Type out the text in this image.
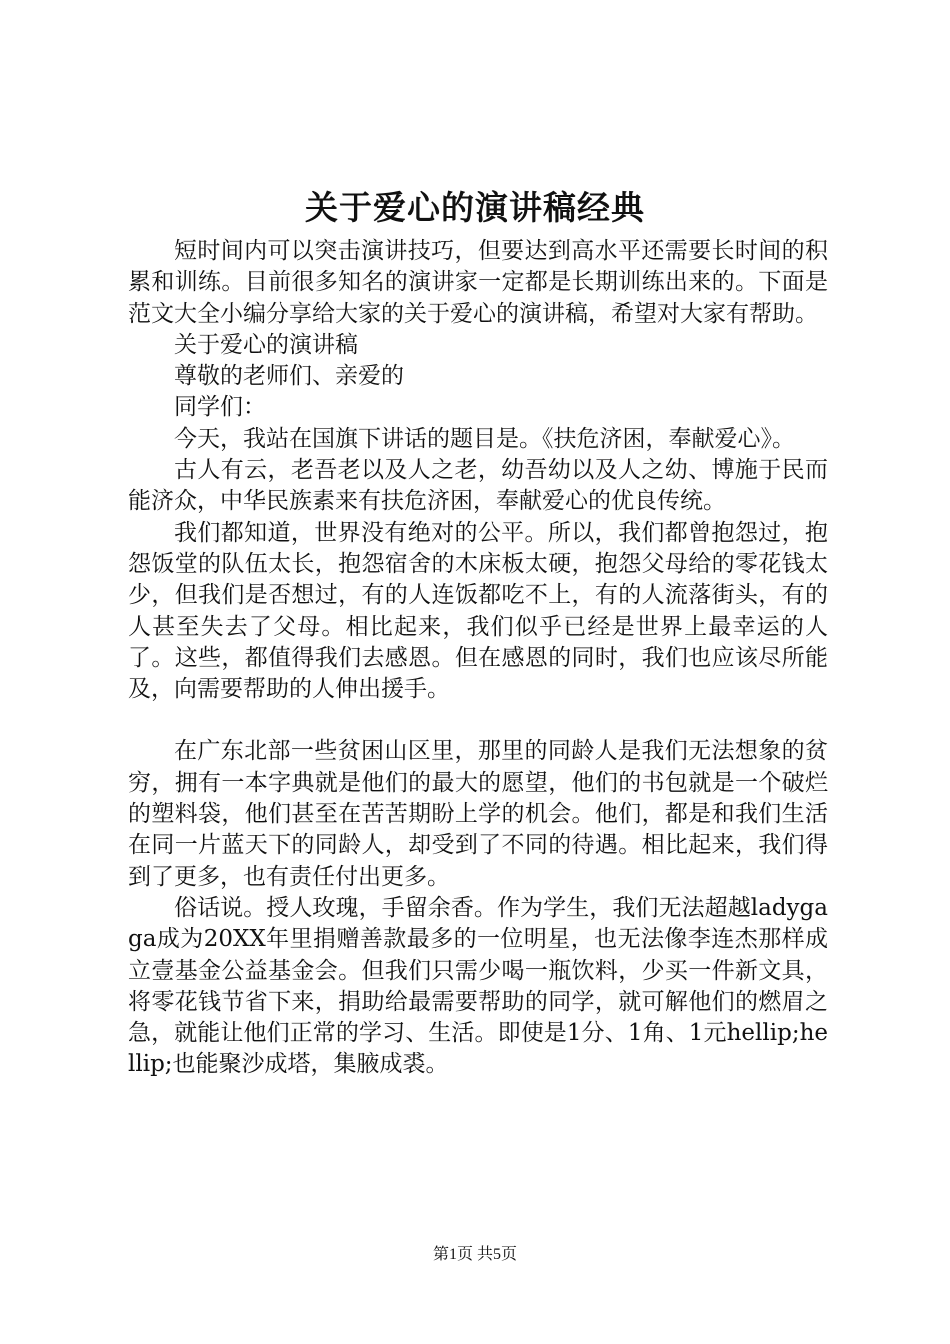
关于爱心的演讲稿经典

短时间内可以突击演讲技巧，但要达到高水平还需要长时间的积累和训练。目前很多知名的演讲家一定都是长期训练出来的。下面是范文大全小编分享给大家的关于爱心的演讲稿，希望对大家有帮助。

关于爱心的演讲稿

尊敬的老师们、亲爱的

同学们：

今天，我站在国旗下讲话的题目是。《扶危济困，奉献爱心》。

古人有云，老吾老以及人之老，幼吾幼以及人之幼、博施于民而能济众，中华民族素来有扶危济困，奉献爱心的优良传统。

我们都知道，世界没有绝对的公平。所以，我们都曾抱怨过，抱怨饭堂的队伍太长，抱怨宿舍的木床板太硬，抱怨父母给的零花钱太少，但我们是否想过，有的人连饭都吃不上，有的人流落街头，有的人甚至失去了父母。相比起来，我们似乎已经是世界上最幸运的人了。这些，都值得我们去感恩。但在感恩的同时，我们也应该尽所能及，向需要帮助的人伸出援手。

在广东北部一些贫困山区里，那里的同龄人是我们无法想象的贫穷，拥有一本字典就是他们的最大的愿望，他们的书包就是一个破烂的塑料袋，他们甚至在苦苦期盼上学的机会。他们，都是和我们生活在同一片蓝天下的同龄人，却受到了不同的待遇。相比起来，我们得到了更多，也有责任付出更多。

俗话说。授人玫瑰，手留余香。作为学生，我们无法超越ladygaga成为20XX年里捐赠善款最多的一位明星，也无法像李连杰那样成立壹基金公益基金会。但我们只需少喝一瓶饮料，少买一件新文具，将零花钱节省下来，捐助给最需要帮助的同学，就可解他们的燃眉之急，就能让他们正常的学习、生活。即使是1分、1角、1元hellip;hellip;也能聚沙成塔，集腋成裘。

第1页 共5页
